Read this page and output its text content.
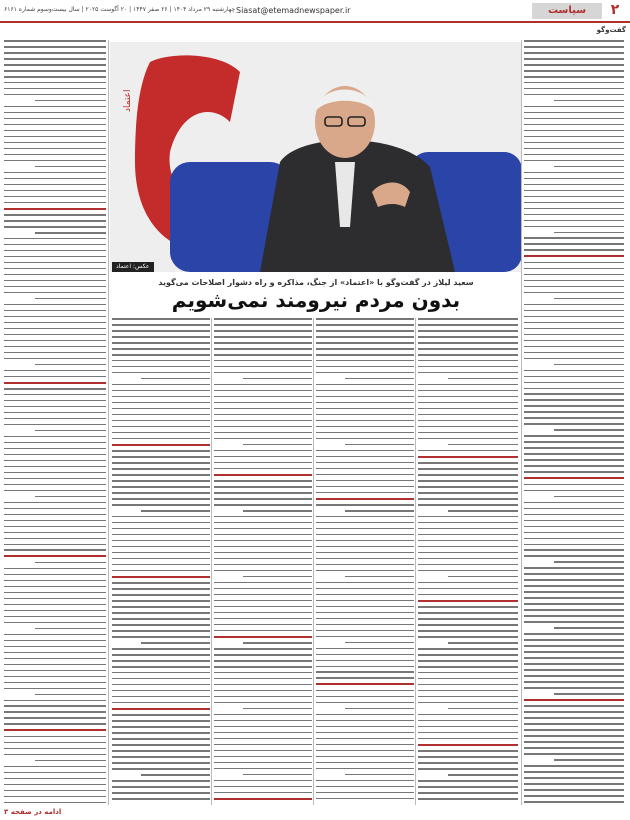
۲
سیاست
Siasat@etemadnewspaper.ir
چهارشنبه ۲۹ مرداد ۱۴۰۴ | ۲۶ صفر ۱۴۴۷ | ۲۰ آگوست ۲۰۲۵ | سال بیست‌وسوم شماره ۶۱۶۱
گفت‌وگو
اعتماد
عکس: اعتماد
سعید لیلاز در گفت‌وگو با «اعتماد» از جنگ، مذاکره و راه دشوار اصلاحات می‌گوید
بدون مردم نیرومند نمی‌شویم
ادامه در صفحه ۳
